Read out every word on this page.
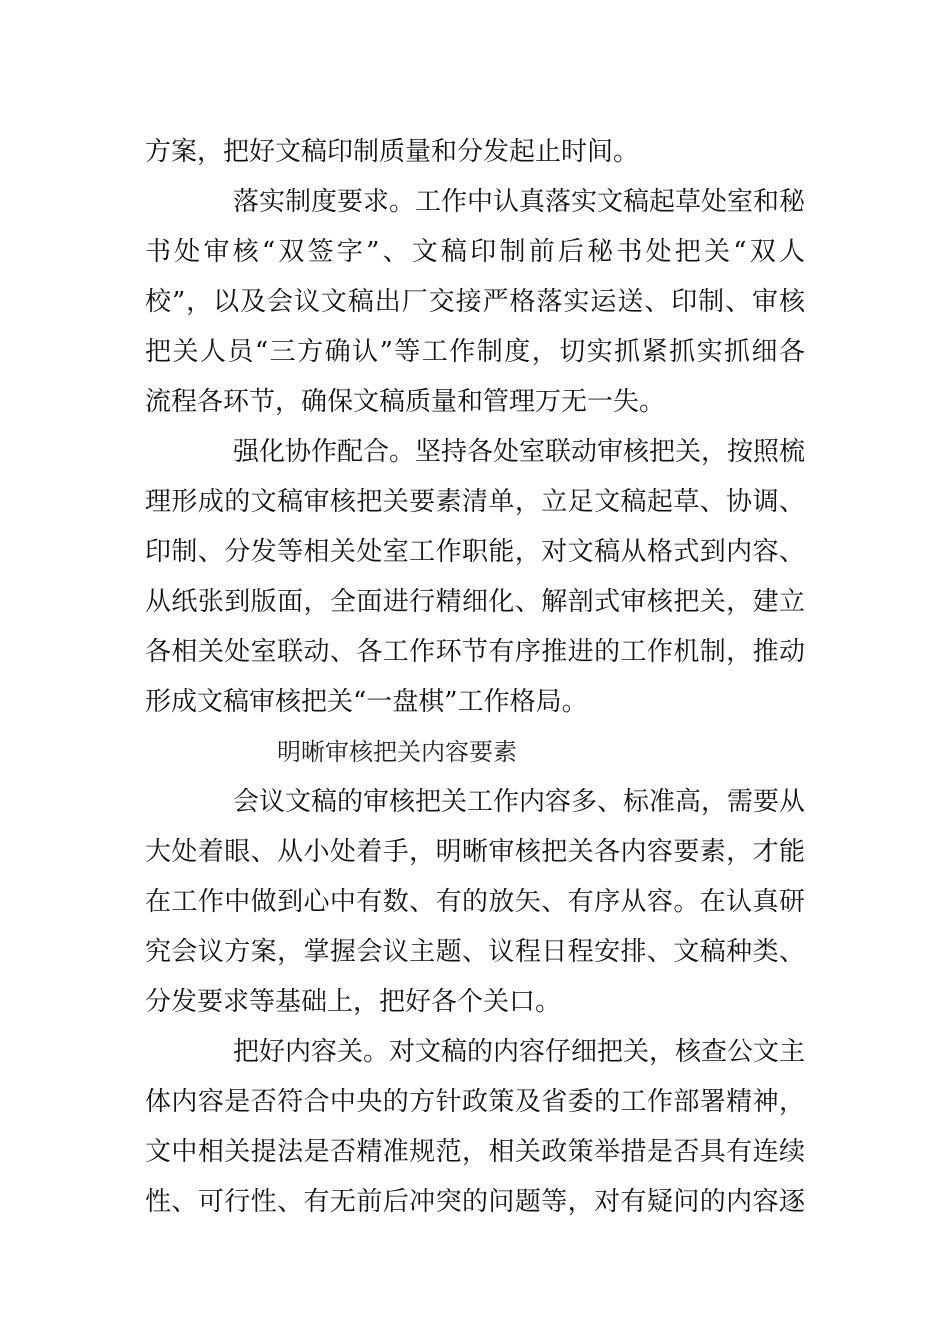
方案，把好文稿印制质量和分发起止时间。
落实制度要求。工作中认真落实文稿起草处室和秘
书处审核“双签字”、文稿印制前后秘书处把关“双人
校”，以及会议文稿出厂交接严格落实运送、印制、审核
把关人员“三方确认”等工作制度，切实抓紧抓实抓细各
流程各环节，确保文稿质量和管理万无一失。
强化协作配合。坚持各处室联动审核把关，按照梳
理形成的文稿审核把关要素清单，立足文稿起草、协调、
印制、分发等相关处室工作职能，对文稿从格式到内容、
从纸张到版面，全面进行精细化、解剖式审核把关，建立
各相关处室联动、各工作环节有序推进的工作机制，推动
形成文稿审核把关“一盘棋”工作格局。
明晰审核把关内容要素
会议文稿的审核把关工作内容多、标准高，需要从
大处着眼、从小处着手，明晰审核把关各内容要素，才能
在工作中做到心中有数、有的放矢、有序从容。在认真研
究会议方案，掌握会议主题、议程日程安排、文稿种类、
分发要求等基础上，把好各个关口。
把好内容关。对文稿的内容仔细把关，核查公文主
体内容是否符合中央的方针政策及省委的工作部署精神，
文中相关提法是否精准规范，相关政策举措是否具有连续
性、可行性、有无前后冲突的问题等，对有疑问的内容逐
